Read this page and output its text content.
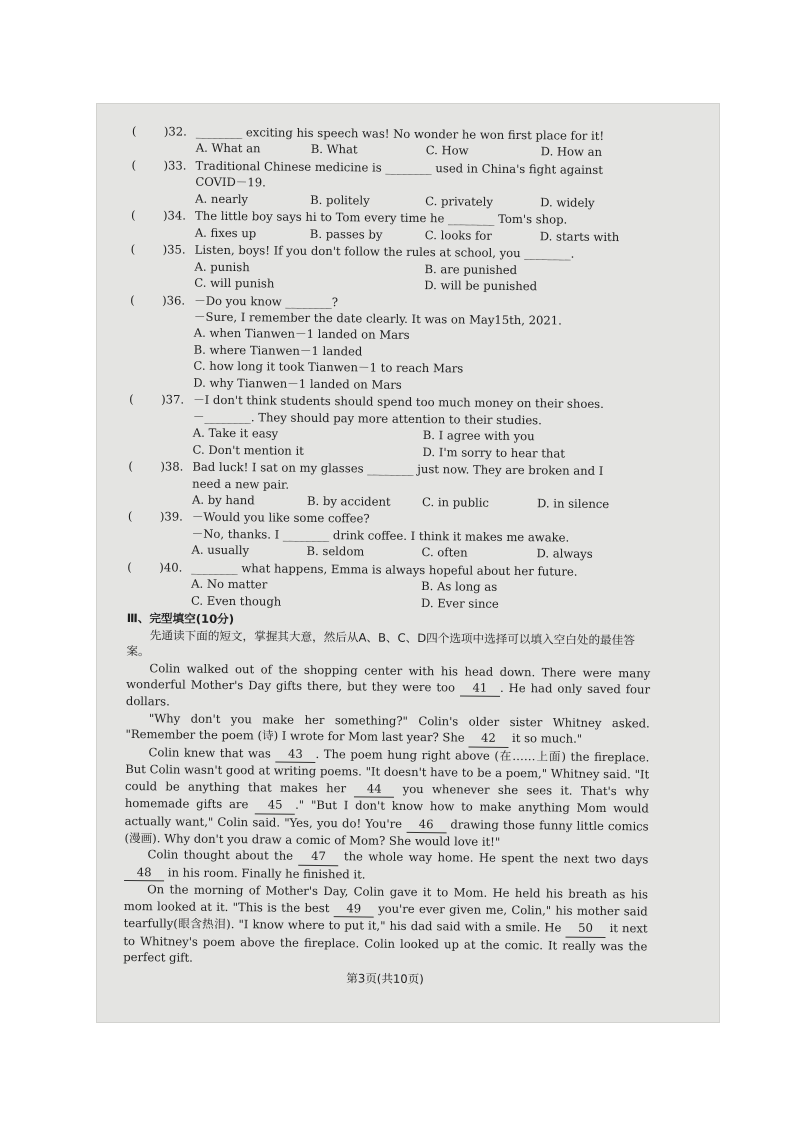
(	)32. ________ exciting his speech was! No wonder he won first place for it!
A. What an	B. What	C. How	D. How an
(	)33. Traditional Chinese medicine is ________ used in China's fight against
COVID－19.
A. nearly	B. politely	C. privately	D. widely
(	)34. The little boy says hi to Tom every time he ________ Tom's shop.
A. fixes up	B. passes by	C. looks for	D. starts with
(	)35. Listen, boys! If you don't follow the rules at school, you ________.
A. punish	B. are punished
C. will punish	D. will be punished
(	)36. －Do you know ________?
－Sure, I remember the date clearly. It was on May15th, 2021.
A. when Tianwen－1 landed on Mars
B. where Tianwen－1 landed
C. how long it took Tianwen－1 to reach Mars
D. why Tianwen－1 landed on Mars
(	)37. －I don't think students should spend too much money on their shoes.
－________. They should pay more attention to their studies.
A. Take it easy	B. I agree with you
C. Don't mention it	D. I'm sorry to hear that
(	)38. Bad luck! I sat on my glasses ________ just now. They are broken and I
need a new pair.
A. by hand	B. by accident	C. in public	D. in silence
(	)39. －Would you like some coffee?
－No, thanks. I ________ drink coffee. I think it makes me awake.
A. usually	B. seldom	C. often	D. always
(	)40. ________ what happens, Emma is always hopeful about her future.
A. No matter	B. As long as
C. Even though	D. Ever since
Ⅲ、完型填空(10分)
先通读下面的短文，掌握其大意，然后从A、B、C、D四个选项中选择可以填入空白处的最佳答案。

Colin walked out of the shopping center with his head down. There were many wonderful Mother's Day gifts there, but they were too 41 . He had only saved four dollars.

"Why don't you make her something?" Colin's older sister Whitney asked. "Remember the poem (诗) I wrote for Mom last year? She 42 it so much."

Colin knew that was 43 . The poem hung right above (在……上面) the fireplace. But Colin wasn't good at writing poems. "It doesn't have to be a poem," Whitney said. "It could be anything that makes her 44 you whenever she sees it. That's why homemade gifts are 45 ." "But I don't know how to make anything Mom would actually want," Colin said. "Yes, you do! You're 46 drawing those funny little comics (漫画). Why don't you draw a comic of Mom? She would love it!"

Colin thought about the 47 the whole way home. He spent the next two days 48 in his room. Finally he finished it.

On the morning of Mother's Day, Colin gave it to Mom. He held his breath as his mom looked at it. "This is the best 49 you're ever given me, Colin," his mother said tearfully(眼含热泪). "I know where to put it," his dad said with a smile. He 50 it next to Whitney's poem above the fireplace. Colin looked up at the comic. It really was the perfect gift.

第3页(共10页)
